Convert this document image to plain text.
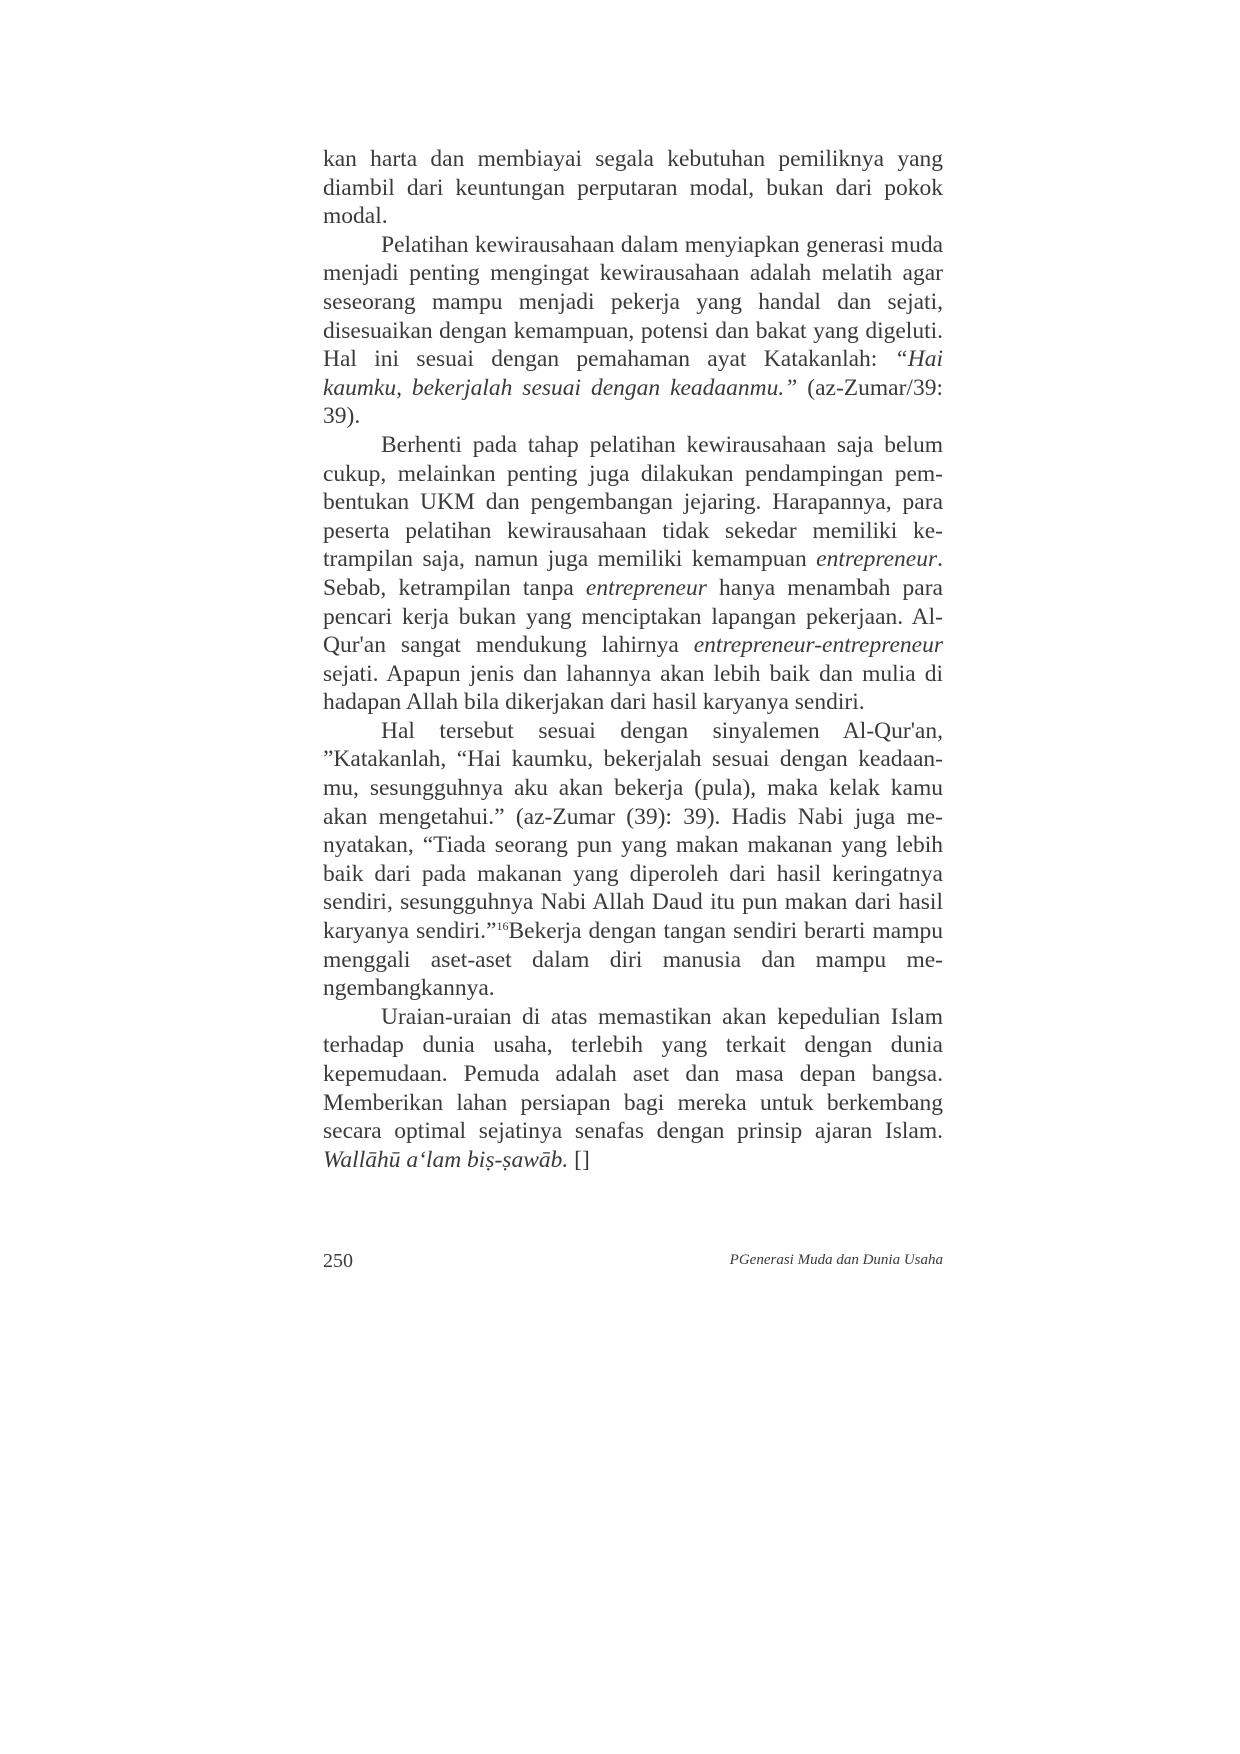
kan harta dan membiayai segala kebutuhan pemiliknya yang diambil dari keuntungan perputaran modal, bukan dari pokok modal.

Pelatihan kewirausahaan dalam menyiapkan generasi muda menjadi penting mengingat kewirausahaan adalah melatih agar seseorang mampu menjadi pekerja yang handal dan sejati, disesuaikan dengan kemampuan, potensi dan bakat yang digeluti. Hal ini sesuai dengan pemahaman ayat Katakanlah: “Hai kaumku, bekerjalah sesuai dengan keadaanmu.” (az-Zumar/39: 39).

Berhenti pada tahap pelatihan kewirausahaan saja belum cukup, melainkan penting juga dilakukan pendampingan pembentukan UKM dan pengembangan jejaring. Harapannya, para peserta pelatihan kewirausahaan tidak sekedar memiliki ketrampilan saja, namun juga memiliki kemampuan entrepreneur. Sebab, ketrampilan tanpa entrepreneur hanya menambah para pencari kerja bukan yang menciptakan lapangan pekerjaan. Al-Qur'an sangat mendukung lahirnya entrepreneur-entrepreneur sejati. Apapun jenis dan lahannya akan lebih baik dan mulia di hadapan Allah bila dikerjakan dari hasil karyanya sendiri.

Hal tersebut sesuai dengan sinyalemen Al-Qur'an, ”Katakanlah, “Hai kaumku, bekerjalah sesuai dengan keadaanmu, sesungguhnya aku akan bekerja (pula), maka kelak kamu akan mengetahui.” (az-Zumar (39): 39). Hadis Nabi juga menyatakan, “Tiada seorang pun yang makan makanan yang lebih baik dari pada makanan yang diperoleh dari hasil keringatnya sendiri, sesungguhnya Nabi Allah Daud itu pun makan dari hasil karyanya sendiri.”$^{16}$Bekerja dengan tangan sendiri berarti mampu menggali aset-aset dalam diri manusia dan mampu mengembangkannya.

Uraian-uraian di atas memastikan akan kepedulian Islam terhadap dunia usaha, terlebih yang terkait dengan dunia kepemudaan. Pemuda adalah aset dan masa depan bangsa. Memberikan lahan persiapan bagi mereka untuk berkembang secara optimal sejatinya senafas dengan prinsip ajaran Islam. Wallāhū a‘lam biṣ-ṣawāb. []

250	PGenerasi Muda dan Dunia Usaha
